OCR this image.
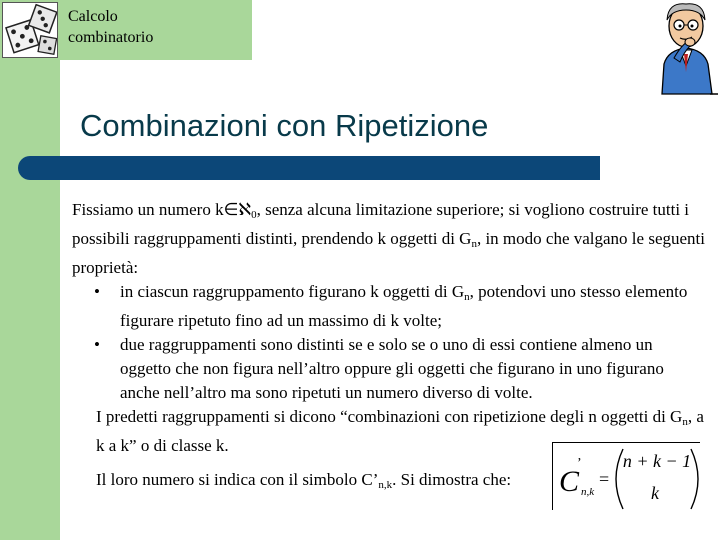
Calcolo
combinatorio
Combinazioni con Ripetizione

Fissiamo un numero k∈ℵ$_0$, senza alcuna limitazione superiore; si vogliono costruire tutti i possibili raggruppamenti distinti, prendendo k oggetti di $G_n$, in modo che valgano le seguenti proprietà:

• in ciascun raggruppamento figurano k oggetti di $G_n$, potendovi uno stesso elemento figurare ripetuto fino ad un massimo di k volte;
• due raggruppamenti sono distinti se e solo se o uno di essi contiene almeno un oggetto che non figura nell’altro oppure gli oggetti che figurano in uno figurano anche nell’altro ma sono ripetuti un numero diverso di volte.

I predetti raggruppamenti si dicono “combinazioni con ripetizione degli n oggetti di $G_n$, a k a k” o di classe k.

Il loro numero si indica con il simbolo $C’_{n,k}$. Si dimostra che: C
’
n,k
=
n + k − 1
k
